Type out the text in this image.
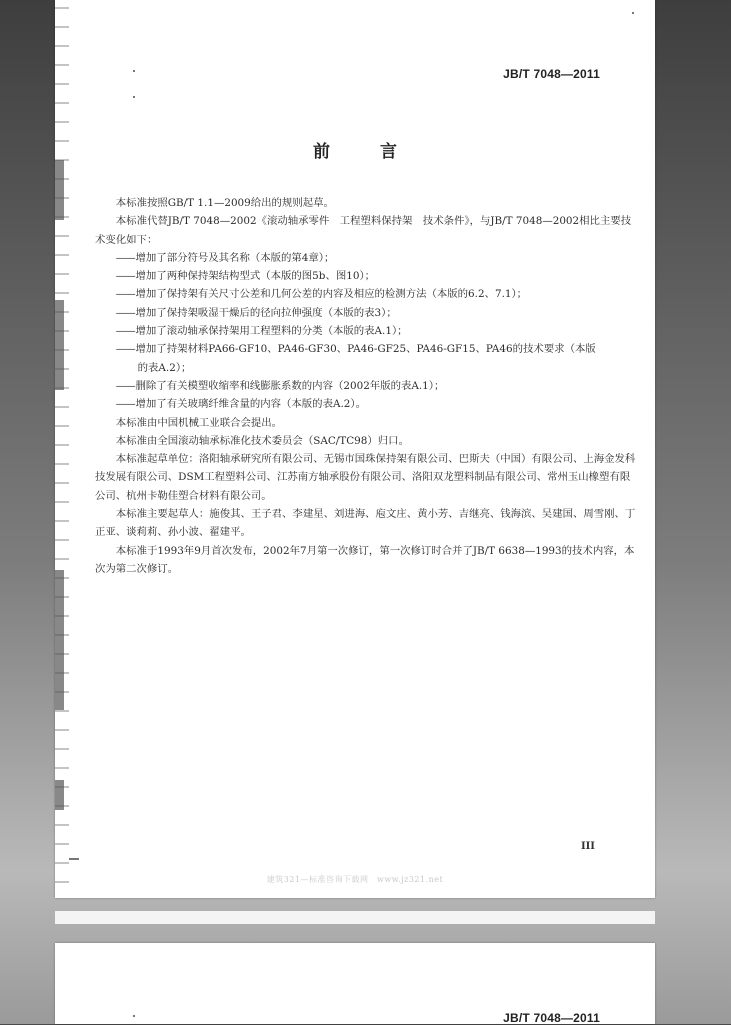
JB/T 7048—2011
前 言

本标准按照GB/T 1.1—2009给出的规则起草。

本标准代替JB/T 7048—2002《滚动轴承零件　工程塑料保持架　技术条件》，与JB/T 7048—2002相比主要技术变化如下：

——增加了部分符号及其名称（本版的第4章）；

——增加了两种保持架结构型式（本版的图5b、图10）；

——增加了保持架有关尺寸公差和几何公差的内容及相应的检测方法（本版的6.2、7.1）；

——增加了保持架吸湿干燥后的径向拉伸强度（本版的表3）；

——增加了滚动轴承保持架用工程塑料的分类（本版的表A.1）；

——增加了持架材料PA66-GF10、PA46-GF30、PA46-GF25、PA46-GF15、PA46的技术要求（本版

的表A.2）；

——删除了有关模塑收缩率和线膨胀系数的内容（2002年版的表A.1）；

——增加了有关玻璃纤维含量的内容（本版的表A.2）。

本标准由中国机械工业联合会提出。

本标准由全国滚动轴承标准化技术委员会（SAC/TC98）归口。

本标准起草单位：洛阳轴承研究所有限公司、无锡市国珠保持架有限公司、巴斯夫（中国）有限公司、上海金发科技发展有限公司、DSM工程塑料公司、江苏南方轴承股份有限公司、洛阳双龙塑料制品有限公司、常州玉山橡塑有限公司、杭州卡勒佳塑合材料有限公司。

本标准主要起草人：施俊其、王子君、李建星、刘进海、庖文庄、黄小芳、吉继亮、钱海滨、吴建国、周雪刚、丁正亚、谈莉莉、孙小波、翟建平。

本标准于1993年9月首次发布，2002年7月第一次修订，第一次修订时合并了JB/T 6638—1993的技术内容，本次为第二次修订。

III
建筑321—标准咨询下载网　www.jz321.net
JB/T 7048—2011
